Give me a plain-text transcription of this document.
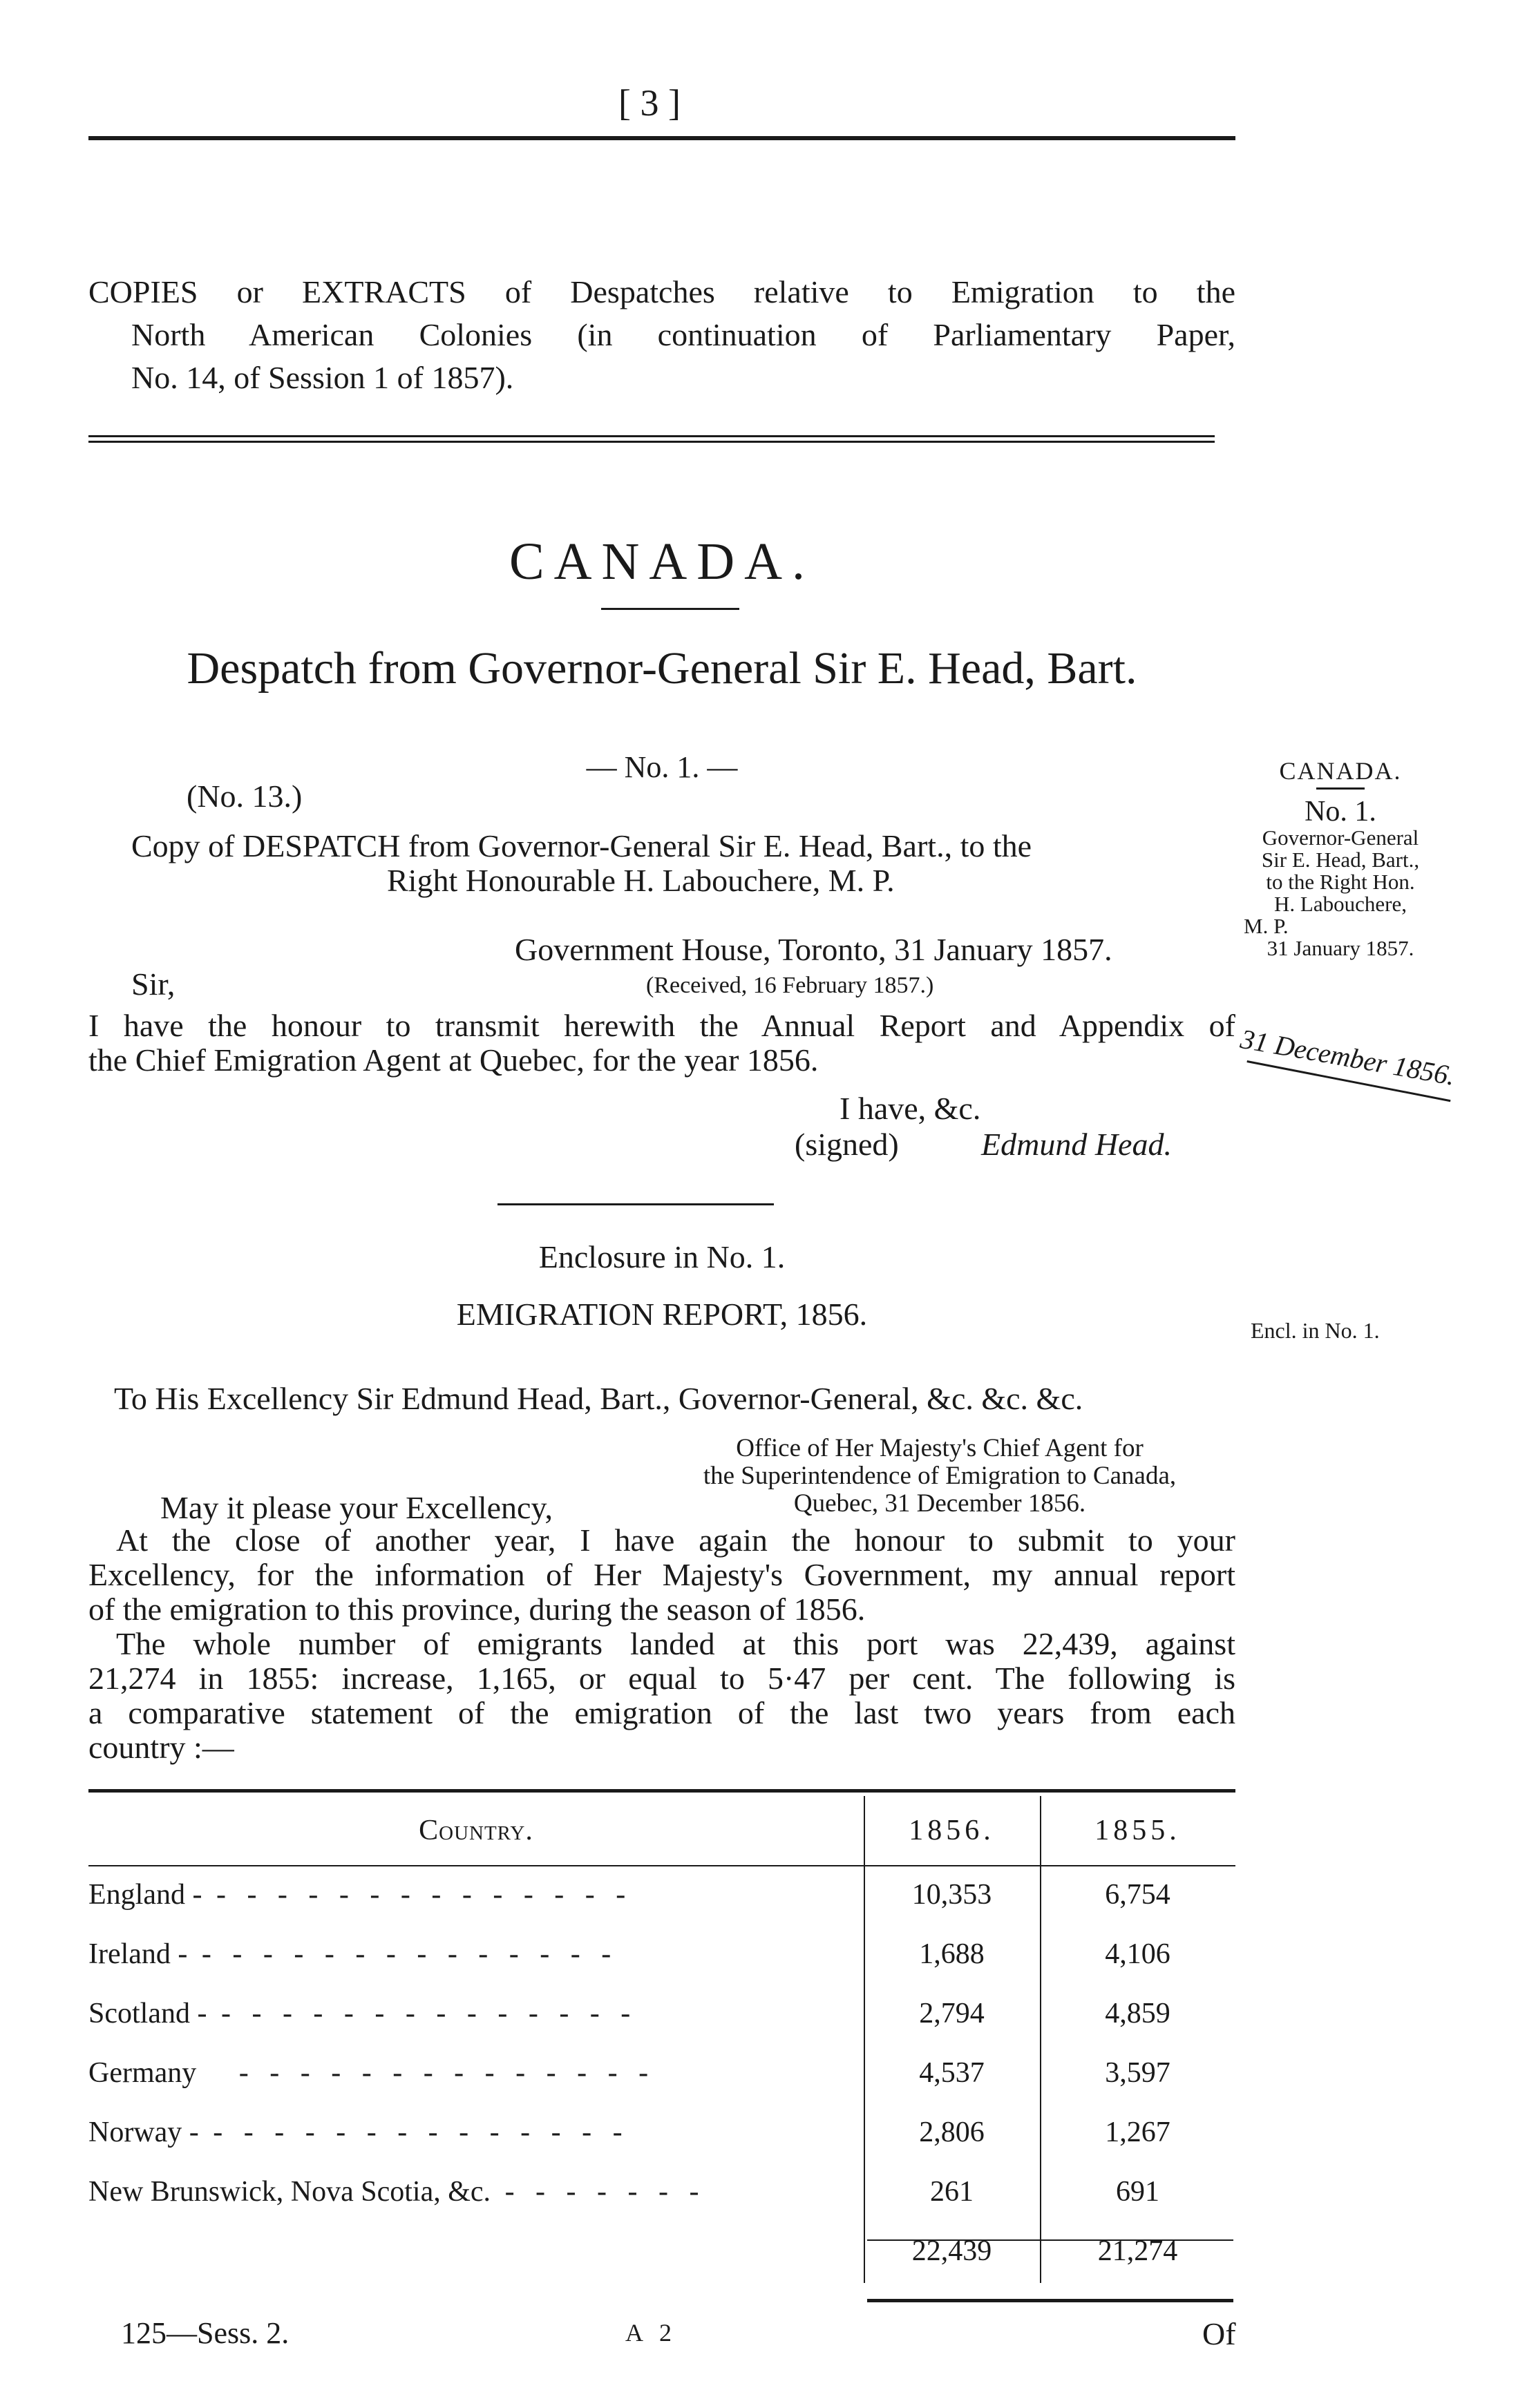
[ 3 ]
COPIES or EXTRACTS of Despatches relative to Emigration to the
North American Colonies (in continuation of Parliamentary Paper,
No. 14, of Session 1 of 1857).
CANADA.
Despatch from Governor-General Sir E. Head, Bart.
— No. 1. —
(No. 13.)
Copy of DESPATCH from Governor-General Sir E. Head, Bart., to the
Right Honourable H. Labouchere, M. P.
Government House, Toronto, 31 January 1857.
(Received, 16 February 1857.)
Sir,
I have the honour to transmit herewith the Annual Report and Appendix of
the Chief Emigration Agent at Quebec, for the year 1856.
I have, &c.
(signed)	Edmund Head.
CANADA.
No. 1.
Governor-General
Sir E. Head, Bart.,
to the Right Hon.
H. Labouchere,
M. P.
31 January 1857.
31 December 1856.
Enclosure in No. 1.
EMIGRATION REPORT, 1856.	Encl. in No. 1.
To His Excellency Sir Edmund Head, Bart., Governor-General, &c. &c. &c.
Office of Her Majesty's Chief Agent for
the Superintendence of Emigration to Canada,
Quebec, 31 December 1856.
May it please your Excellency,
At the close of another year, I have again the honour to submit to your
Excellency, for the information of Her Majesty's Government, my annual report
of the emigration to this province, during the season of 1856.
The whole number of emigrants landed at this port was 22,439, against
21,274 in 1855: increase, 1,165, or equal to 5·47 per cent. The following is
a comparative statement of the emigration of the last two years from each
country :—
Country.	1856.	1855.
England - - - - - - - - - - - - - - -	10,353	6,754
Ireland - - - - - - - - - - - - - - -	1,688	4,106
Scotland - - - - - - - - - - - - - - -	2,794	4,859
Germany   - - - - - - - - - - - - - -	4,537	3,597
Norway - - - - - - - - - - - - - - -	2,806	1,267
New Brunswick, Nova Scotia, &c. - - - - - - -	261	691
	22,439	21,274
125—Sess. 2.	A 2	Of
